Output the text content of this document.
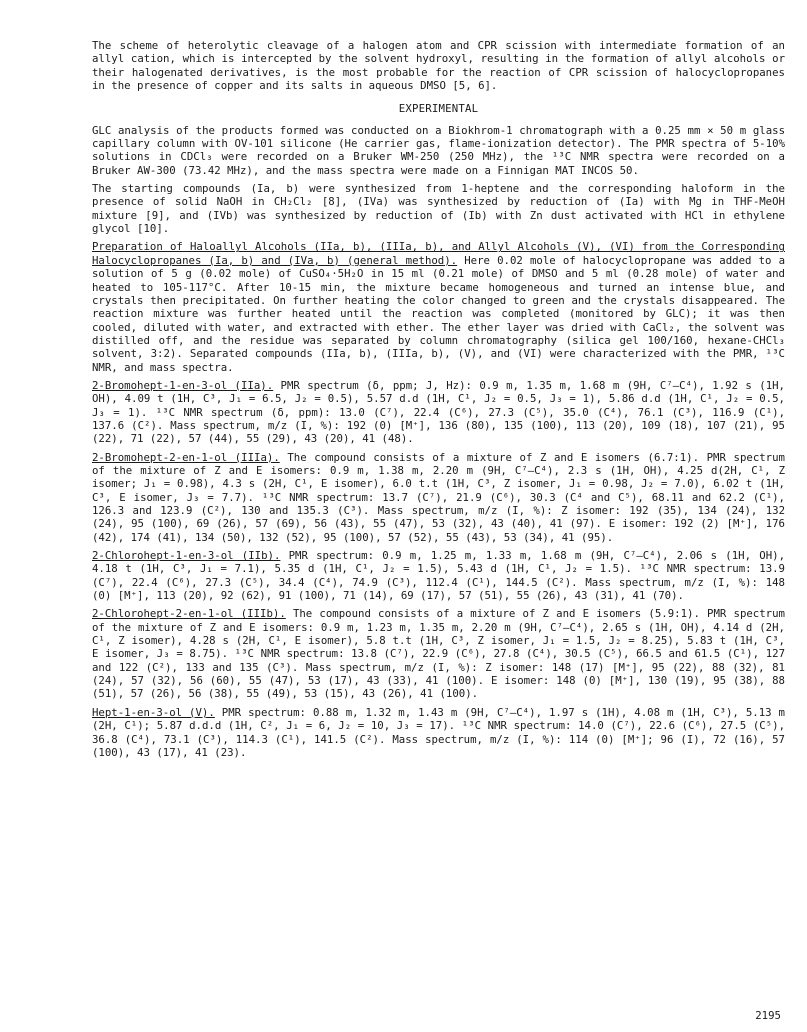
The scheme of heterolytic cleavage of a halogen atom and CPR scission with intermediate formation of an allyl cation, which is intercepted by the solvent hydroxyl, resulting in the formation of allyl alcohols or their halogenated derivatives, is the most probable for the reaction of CPR scission of halocyclopropanes in the presence of copper and its salts in aqueous DMSO [5, 6].

EXPERIMENTAL

GLC analysis of the products formed was conducted on a Biokhrom-1 chromatograph with a 0.25 mm × 50 m glass capillary column with OV-101 silicone (He carrier gas, flame-ionization detector). The PMR spectra of 5-10% solutions in CDCl₃ were recorded on a Bruker WM-250 (250 MHz), the ¹³C NMR spectra were recorded on a Bruker AW-300 (73.42 MHz), and the mass spectra were made on a Finnigan MAT INCOS 50.

The starting compounds (Ia, b) were synthesized from 1-heptene and the corresponding haloform in the presence of solid NaOH in CH₂Cl₂ [8], (IVa) was synthesized by reduction of (Ia) with Mg in THF-MeOH mixture [9], and (IVb) was synthesized by reduction of (Ib) with Zn dust activated with HCl in ethylene glycol [10].

Preparation of Haloallyl Alcohols (IIa, b), (IIIa, b), and Allyl Alcohols (V), (VI) from the Corresponding Halocyclopropanes (Ia, b) and (IVa, b) (general method). Here 0.02 mole of halocyclopropane was added to a solution of 5 g (0.02 mole) of CuSO₄·5H₂O in 15 ml (0.21 mole) of DMSO and 5 ml (0.28 mole) of water and heated to 105-117°C. After 10-15 min, the mixture became homogeneous and turned an intense blue, and crystals then precipitated. On further heating the color changed to green and the crystals disappeared. The reaction mixture was further heated until the reaction was completed (monitored by GLC); it was then cooled, diluted with water, and extracted with ether. The ether layer was dried with CaCl₂, the solvent was distilled off, and the residue was separated by column chromatography (silica gel 100/160, hexane-CHCl₃ solvent, 3:2). Separated compounds (IIa, b), (IIIa, b), (V), and (VI) were characterized with the PMR, ¹³C NMR, and mass spectra.

2-Bromohept-1-en-3-ol (IIa). PMR spectrum (δ, ppm; J, Hz): 0.9 m, 1.35 m, 1.68 m (9H, C⁷–C⁴), 1.92 s (1H, OH), 4.09 t (1H, C³, J₁ = 6.5, J₂ = 0.5), 5.57 d.d (1H, C¹, J₂ = 0.5, J₃ = 1), 5.86 d.d (1H, C¹, J₂ = 0.5, J₃ = 1). ¹³C NMR spectrum (δ, ppm): 13.0 (C⁷), 22.4 (C⁶), 27.3 (C⁵), 35.0 (C⁴), 76.1 (C³), 116.9 (C¹), 137.6 (C²). Mass spectrum, m/z (I, %): 192 (0) [M⁺], 136 (80), 135 (100), 113 (20), 109 (18), 107 (21), 95 (22), 71 (22), 57 (44), 55 (29), 43 (20), 41 (48).

2-Bromohept-2-en-1-ol (IIIa). The compound consists of a mixture of Z and E isomers (6.7:1). PMR spectrum of the mixture of Z and E isomers: 0.9 m, 1.38 m, 2.20 m (9H, C⁷–C⁴), 2.3 s (1H, OH), 4.25 d(2H, C¹, Z isomer; J₁ = 0.98), 4.3 s (2H, C¹, E isomer), 6.0 t.t (1H, C³, Z isomer, J₁ = 0.98, J₂ = 7.0), 6.02 t (1H, C³, E isomer, J₃ = 7.7). ¹³C NMR spectrum: 13.7 (C⁷), 21.9 (C⁶), 30.3 (C⁴ and C⁵), 68.11 and 62.2 (C¹), 126.3 and 123.9 (C²), 130 and 135.3 (C³). Mass spectrum, m/z (I, %): Z isomer: 192 (35), 134 (24), 132 (24), 95 (100), 69 (26), 57 (69), 56 (43), 55 (47), 53 (32), 43 (40), 41 (97). E isomer: 192 (2) [M⁺], 176 (42), 174 (41), 134 (50), 132 (52), 95 (100), 57 (52), 55 (43), 53 (34), 41 (95).

2-Chlorohept-1-en-3-ol (IIb). PMR spectrum: 0.9 m, 1.25 m, 1.33 m, 1.68 m (9H, C⁷–C⁴), 2.06 s (1H, OH), 4.18 t (1H, C³, J₁ = 7.1), 5.35 d (1H, C¹, J₂ = 1.5), 5.43 d (1H, C¹, J₂ = 1.5). ¹³C NMR spectrum: 13.9 (C⁷), 22.4 (C⁶), 27.3 (C⁵), 34.4 (C⁴), 74.9 (C³), 112.4 (C¹), 144.5 (C²). Mass spectrum, m/z (I, %): 148 (0) [M⁺], 113 (20), 92 (62), 91 (100), 71 (14), 69 (17), 57 (51), 55 (26), 43 (31), 41 (70).

2-Chlorohept-2-en-1-ol (IIIb). The compound consists of a mixture of Z and E isomers (5.9:1). PMR spectrum of the mixture of Z and E isomers: 0.9 m, 1.23 m, 1.35 m, 2.20 m (9H, C⁷–C⁴), 2.65 s (1H, OH), 4.14 d (2H, C¹, Z isomer), 4.28 s (2H, C¹, E isomer), 5.8 t.t (1H, C³, Z isomer, J₁ = 1.5, J₂ = 8.25), 5.83 t (1H, C³, E isomer, J₃ = 8.75). ¹³C NMR spectrum: 13.8 (C⁷), 22.9 (C⁶), 27.8 (C⁴), 30.5 (C⁵), 66.5 and 61.5 (C¹), 127 and 122 (C²), 133 and 135 (C³). Mass spectrum, m/z (I, %): Z isomer: 148 (17) [M⁺], 95 (22), 88 (32), 81 (24), 57 (32), 56 (60), 55 (47), 53 (17), 43 (33), 41 (100). E isomer: 148 (0) [M⁺], 130 (19), 95 (38), 88 (51), 57 (26), 56 (38), 55 (49), 53 (15), 43 (26), 41 (100).

Hept-1-en-3-ol (V). PMR spectrum: 0.88 m, 1.32 m, 1.43 m (9H, C⁷–C⁴), 1.97 s (1H), 4.08 m (1H, C³), 5.13 m (2H, C¹); 5.87 d.d.d (1H, C², J₁ = 6, J₂ = 10, J₃ = 17). ¹³C NMR spectrum: 14.0 (C⁷), 22.6 (C⁶), 27.5 (C⁵), 36.8 (C⁴), 73.1 (C³), 114.3 (C¹), 141.5 (C²). Mass spectrum, m/z (I, %): 114 (0) [M⁺]; 96 (I), 72 (16), 57 (100), 43 (17), 41 (23).

2195
